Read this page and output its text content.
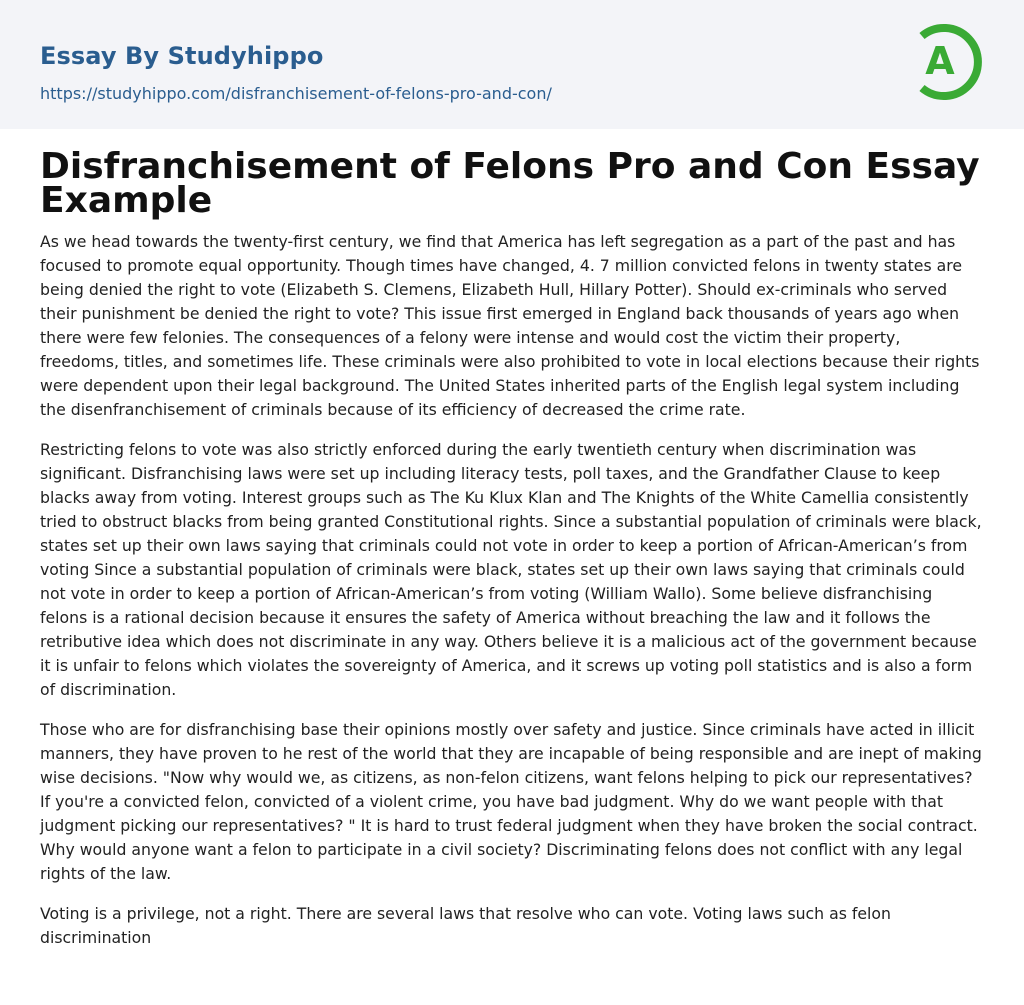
Essay By Studyhippo
https://studyhippo.com/disfranchisement-of-felons-pro-and-con/
A
Disfranchisement of Felons Pro and Con Essay Example

As we head towards the twenty-first century, we find that America has left segregation as a part of the past and has focused to promote equal opportunity. Though times have changed, 4. 7 million convicted felons in twenty states are being denied the right to vote (Elizabeth S. Clemens, Elizabeth Hull, Hillary Potter). Should ex-criminals who served their punishment be denied the right to vote? This issue first emerged in England back thousands of years ago when there were few felonies. The consequences of a felony were intense and would cost the victim their property, freedoms, titles, and sometimes life. These criminals were also prohibited to vote in local elections because their rights were dependent upon their legal background. The United States inherited parts of the English legal system including the disenfranchisement of criminals because of its efficiency of decreased the crime rate.

Restricting felons to vote was also strictly enforced during the early twentieth century when discrimination was significant. Disfranchising laws were set up including literacy tests, poll taxes, and the Grandfather Clause to keep blacks away from voting. Interest groups such as The Ku Klux Klan and The Knights of the White Camellia consistently tried to obstruct blacks from being granted Constitutional rights. Since a substantial population of criminals were black, states set up their own laws saying that criminals could not vote in order to keep a portion of African-American’s from voting Since a substantial population of criminals were black, states set up their own laws saying that criminals could not vote in order to keep a portion of African-American’s from voting (William Wallo). Some believe disfranchising felons is a rational decision because it ensures the safety of America without breaching the law and it follows the retributive idea which does not discriminate in any way. Others believe it is a malicious act of the government because it is unfair to felons which violates the sovereignty of America, and it screws up voting poll statistics and is also a form of discrimination.

Those who are for disfranchising base their opinions mostly over safety and justice. Since criminals have acted in illicit manners, they have proven to he rest of the world that they are incapable of being responsible and are inept of making wise decisions. "Now why would we, as citizens, as non-felon citizens, want felons helping to pick our representatives? If you're a convicted felon, convicted of a violent crime, you have bad judgment. Why do we want people with that judgment picking our representatives? " It is hard to trust federal judgment when they have broken the social contract. Why would anyone want a felon to participate in a civil society? Discriminating felons does not conflict with any legal rights of the law.

Voting is a privilege, not a right. There are several laws that resolve who can vote. Voting laws such as felon discrimination
